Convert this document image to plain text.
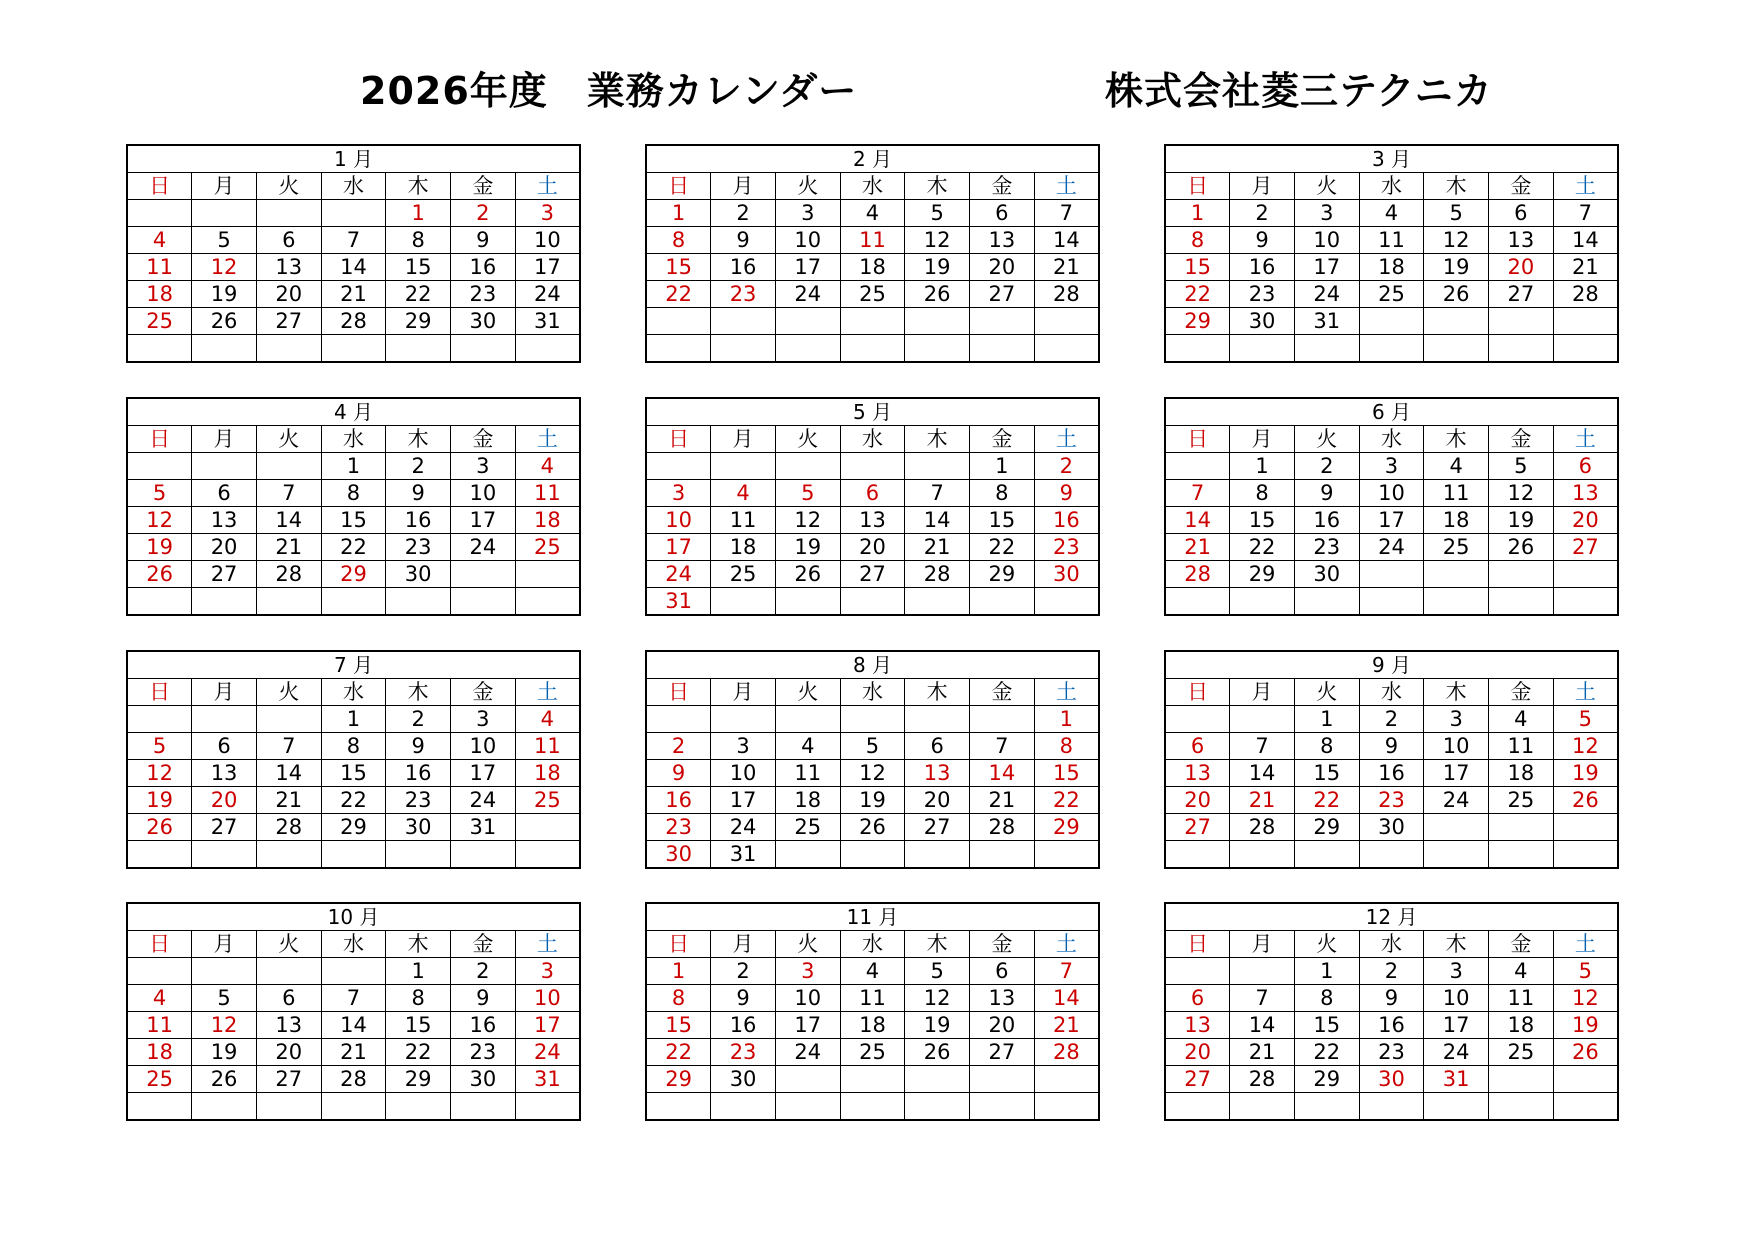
2026年度　業務カレンダー	株式会社菱三テクニカ
1 月						
日	月	火	水	木	金	土
				1	2	3
4	5	6	7	8	9	10
11	12	13	14	15	16	17
18	19	20	21	22	23	24
25	26	27	28	29	30	31

2 月						
日	月	火	水	木	金	土
1	2	3	4	5	6	7
8	9	10	11	12	13	14
15	16	17	18	19	20	21
22	23	24	25	26	27	28

3 月						
日	月	火	水	木	金	土
1	2	3	4	5	6	7
8	9	10	11	12	13	14
15	16	17	18	19	20	21
22	23	24	25	26	27	28
29	30	31				

4 月						
日	月	火	水	木	金	土
			1	2	3	4
5	6	7	8	9	10	11
12	13	14	15	16	17	18
19	20	21	22	23	24	25
26	27	28	29	30		

5 月						
日	月	火	水	木	金	土
					1	2
3	4	5	6	7	8	9
10	11	12	13	14	15	16
17	18	19	20	21	22	23
24	25	26	27	28	29	30
31						
6 月						
日	月	火	水	木	金	土
	1	2	3	4	5	6
7	8	9	10	11	12	13
14	15	16	17	18	19	20
21	22	23	24	25	26	27
28	29	30				

7 月						
日	月	火	水	木	金	土
			1	2	3	4
5	6	7	8	9	10	11
12	13	14	15	16	17	18
19	20	21	22	23	24	25
26	27	28	29	30	31	

8 月						
日	月	火	水	木	金	土
						1
2	3	4	5	6	7	8
9	10	11	12	13	14	15
16	17	18	19	20	21	22
23	24	25	26	27	28	29
30	31					
9 月						
日	月	火	水	木	金	土
		1	2	3	4	5
6	7	8	9	10	11	12
13	14	15	16	17	18	19
20	21	22	23	24	25	26
27	28	29	30			

10 月						
日	月	火	水	木	金	土
				1	2	3
4	5	6	7	8	9	10
11	12	13	14	15	16	17
18	19	20	21	22	23	24
25	26	27	28	29	30	31

11 月						
日	月	火	水	木	金	土
1	2	3	4	5	6	7
8	9	10	11	12	13	14
15	16	17	18	19	20	21
22	23	24	25	26	27	28
29	30					

12 月						
日	月	火	水	木	金	土
		1	2	3	4	5
6	7	8	9	10	11	12
13	14	15	16	17	18	19
20	21	22	23	24	25	26
27	28	29	30	31		
